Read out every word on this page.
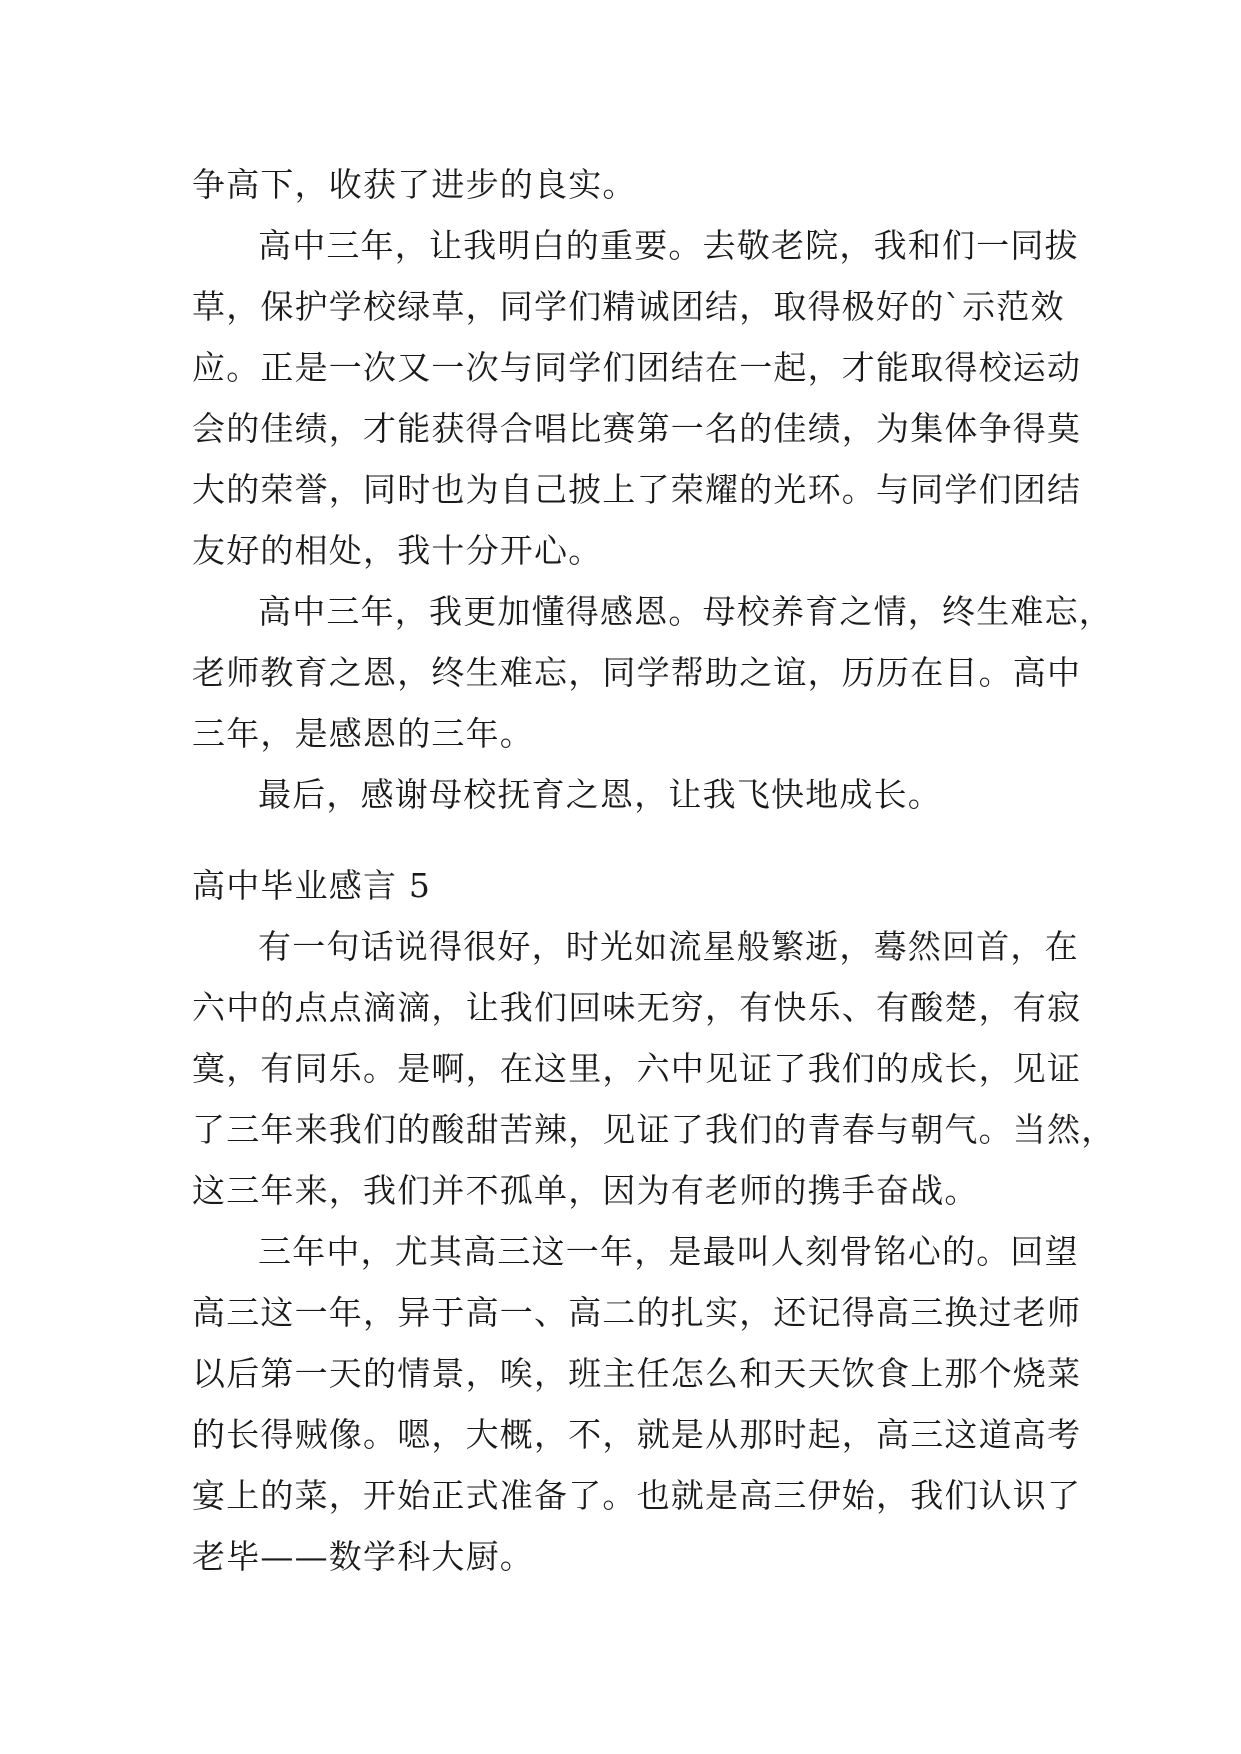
争高下，收获了进步的良实。
高中三年，让我明白的重要。去敬老院，我和们一同拔
草，保护学校绿草，同学们精诚团结，取得极好的`示范效
应。正是一次又一次与同学们团结在一起，才能取得校运动
会的佳绩，才能获得合唱比赛第一名的佳绩，为集体争得莫
大的荣誉，同时也为自己披上了荣耀的光环。与同学们团结
友好的相处，我十分开心。
高中三年，我更加懂得感恩。母校养育之情，终生难忘，
老师教育之恩，终生难忘，同学帮助之谊，历历在目。高中
三年，是感恩的三年。
最后，感谢母校抚育之恩，让我飞快地成长。
高中毕业感言 5
有一句话说得很好，时光如流星般繁逝，蓦然回首，在
六中的点点滴滴，让我们回味无穷，有快乐、有酸楚，有寂
寞，有同乐。是啊，在这里，六中见证了我们的成长，见证
了三年来我们的酸甜苦辣，见证了我们的青春与朝气。当然，
这三年来，我们并不孤单，因为有老师的携手奋战。
三年中，尤其高三这一年，是最叫人刻骨铭心的。回望
高三这一年，异于高一、高二的扎实，还记得高三换过老师
以后第一天的情景，唉，班主任怎么和天天饮食上那个烧菜
的长得贼像。嗯，大概，不，就是从那时起，高三这道高考
宴上的菜，开始正式准备了。也就是高三伊始，我们认识了
老毕——数学科大厨。
